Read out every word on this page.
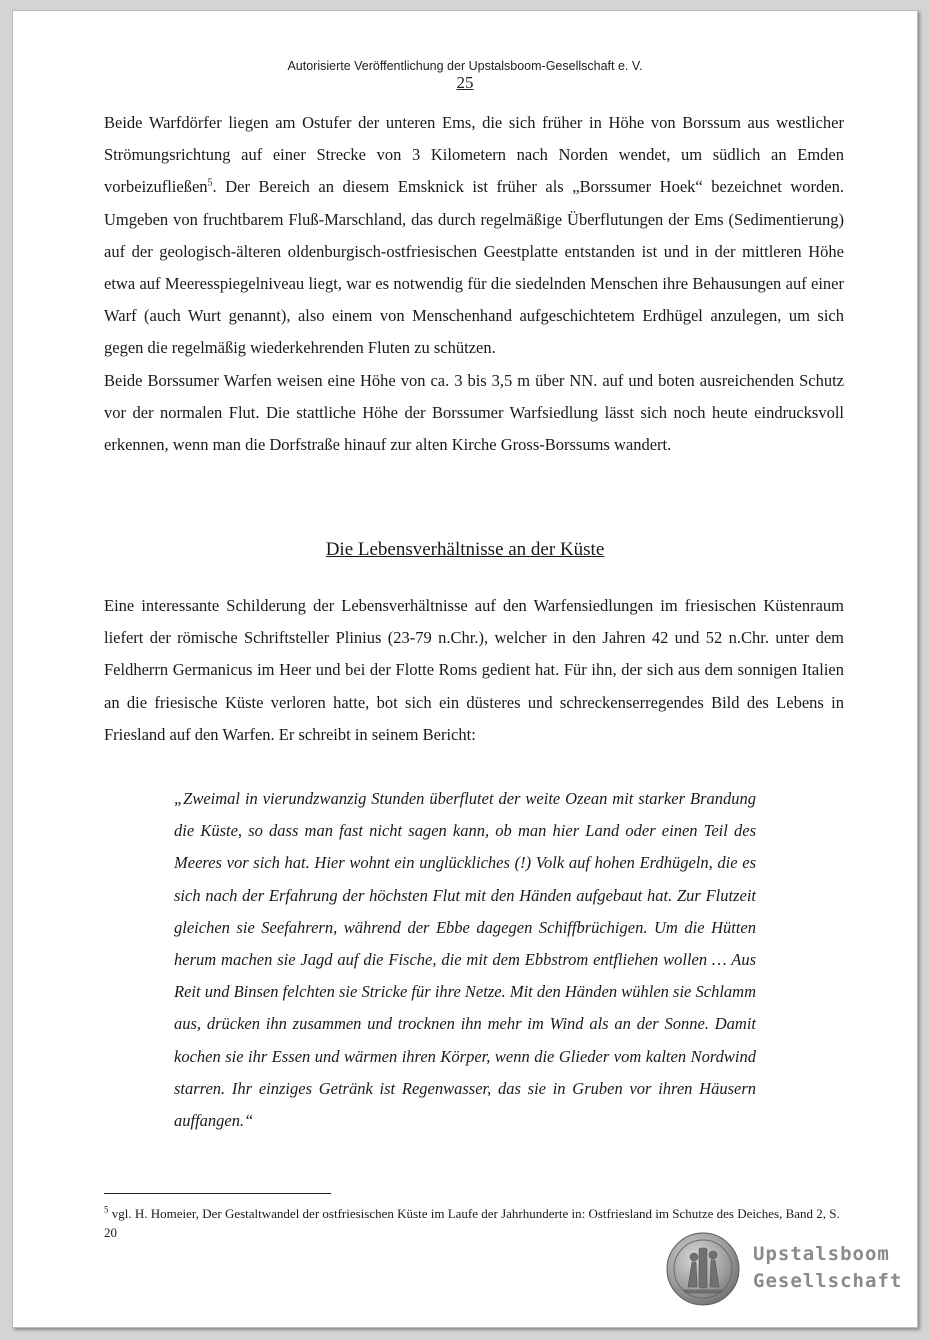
Autorisierte Veröffentlichung der Upstalsboom-Gesellschaft e. V.
25

Beide Warfdörfer liegen am Ostufer der unteren Ems, die sich früher in Höhe von Borssum aus westlicher Strömungsrichtung auf einer Strecke von 3 Kilometern nach Norden wendet, um südlich an Emden vorbeizufließen$^5$. Der Bereich an diesem Emsknick ist früher als „Borssumer Hoek“ bezeichnet worden. Umgeben von fruchtbarem Fluß-Marschland, das durch regelmäßige Überflutungen der Ems (Sedimentierung) auf der geologisch-älteren oldenburgisch-ostfriesischen Geestplatte entstanden ist und in der mittleren Höhe etwa auf Meeresspiegelniveau liegt, war es notwendig für die siedelnden Menschen ihre Behausungen auf einer Warf (auch Wurt genannt), also einem von Menschenhand aufgeschichtetem Erdhügel anzulegen, um sich gegen die regelmäßig wiederkehrenden Fluten zu schützen.

Beide Borssumer Warfen weisen eine Höhe von ca. 3 bis 3,5 m über NN. auf und boten ausreichenden Schutz vor der normalen Flut. Die stattliche Höhe der Borssumer Warfsiedlung lässt sich noch heute eindrucksvoll erkennen, wenn man die Dorfstraße hinauf zur alten Kirche Gross-Borssums wandert.

Die Lebensverhältnisse an der Küste
Eine interessante Schilderung der Lebensverhältnisse auf den Warfensiedlungen im friesischen Küstenraum liefert der römische Schriftsteller Plinius (23-79 n.Chr.), welcher in den Jahren 42 und 52 n.Chr. unter dem Feldherrn Germanicus im Heer und bei der Flotte Roms gedient hat. Für ihn, der sich aus dem sonnigen Italien an die friesische Küste verloren hatte, bot sich ein düsteres und schreckenserregendes Bild des Lebens in Friesland auf den Warfen. Er schreibt in seinem Bericht:
„Zweimal in vierundzwanzig Stunden überflutet der weite Ozean mit starker Brandung die Küste, so dass man fast nicht sagen kann, ob man hier Land oder einen Teil des Meeres vor sich hat. Hier wohnt ein unglückliches (!) Volk auf hohen Erdhügeln, die es sich nach der Erfahrung der höchsten Flut mit den Händen aufgebaut hat. Zur Flutzeit gleichen sie Seefahrern, während der Ebbe dagegen Schiffbrüchigen. Um die Hütten herum machen sie Jagd auf die Fische, die mit dem Ebbstrom entfliehen wollen … Aus Reit und Binsen felchten sie Stricke für ihre Netze. Mit den Händen wühlen sie Schlamm aus, drücken ihn zusammen und trocknen ihn mehr im Wind als an der Sonne. Damit kochen sie ihr Essen und wärmen ihren Körper, wenn die Glieder vom kalten Nordwind starren. Ihr einziges Getränk ist Regenwasser, das sie in Gruben vor ihren Häusern auffangen.“
$^5$ vgl. H. Homeier, Der Gestaltwandel der ostfriesischen Küste im Laufe der Jahrhunderte in: Ostfriesland im Schutze des Deiches, Band 2, S. 20
Upstalsboom
Gesellschaft
